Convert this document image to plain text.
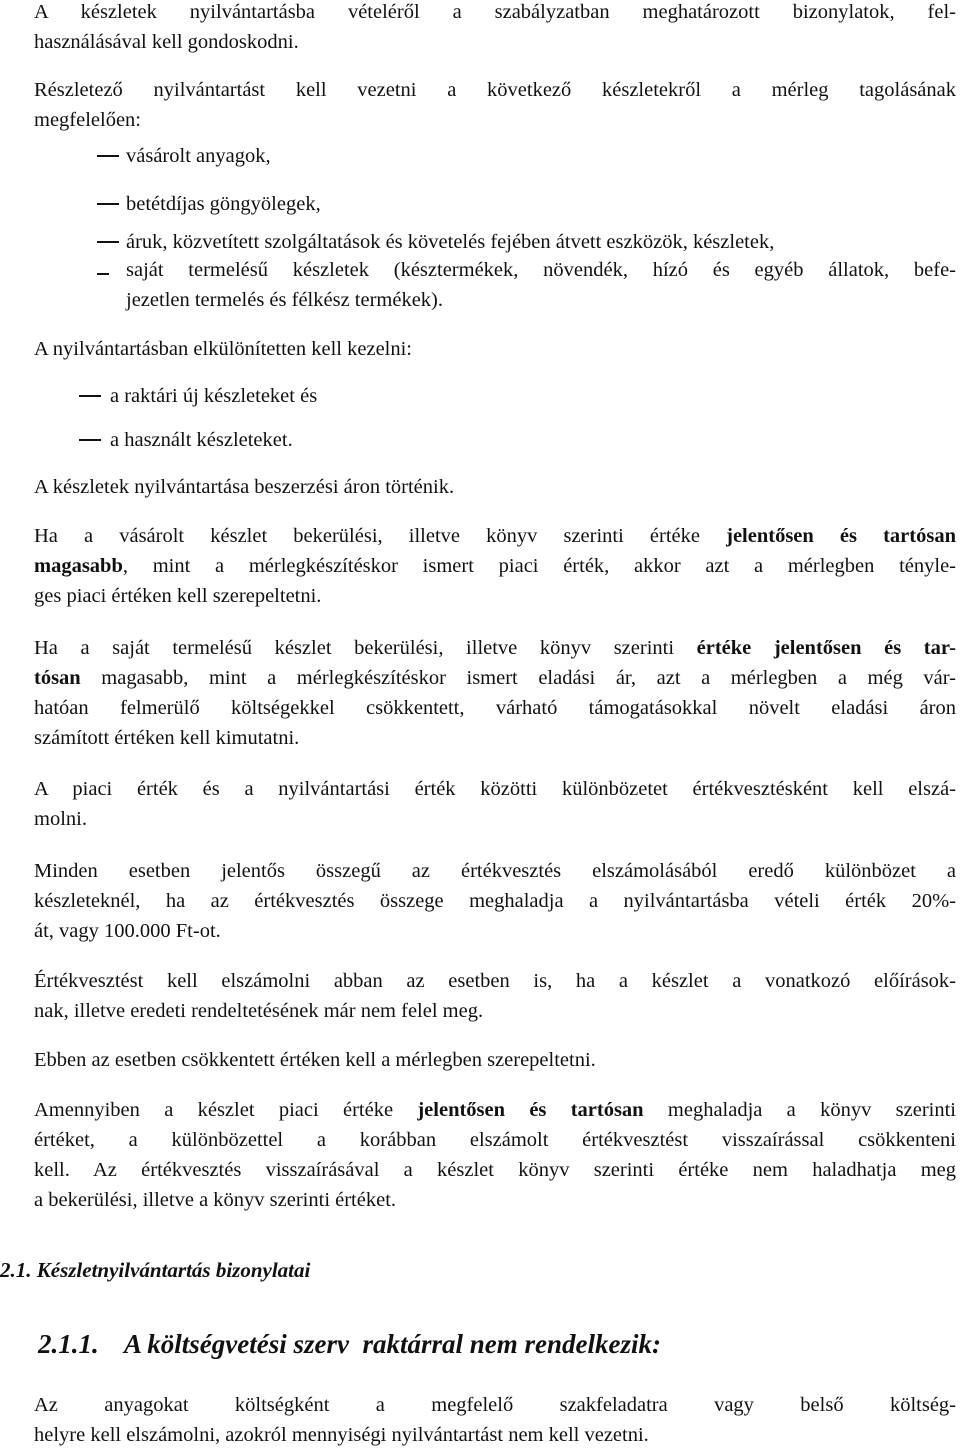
A készletek nyilvántartásba vételéről a szabályzatban meghatározott bizonylatok, fel-
használásával kell gondoskodni.
Részletező nyilvántartást kell vezetni a következő készletekről a mérleg tagolásának
megfelelően:
vásárolt anyagok,
betétdíjas göngyölegek,
áruk, közvetített szolgáltatások és követelés fejében átvett eszközök, készletek,
saját termelésű készletek (késztermékek, növendék, hízó és egyéb állatok, befe-
jezetlen termelés és félkész termékek).
A nyilvántartásban elkülönítetten kell kezelni:
a raktári új készleteket és
a használt készleteket.
A készletek nyilvántartása beszerzési áron történik.
Ha a vásárolt készlet bekerülési, illetve könyv szerinti értéke jelentősen és tartósan
magasabb, mint a mérlegkészítéskor ismert piaci érték, akkor azt a mérlegben tényle-
ges piaci értéken kell szerepeltetni.
Ha a saját termelésű készlet bekerülési, illetve könyv szerinti értéke jelentősen és tar-
tósan magasabb, mint a mérlegkészítéskor ismert eladási ár, azt a mérlegben a még vár-
hatóan felmerülő költségekkel csökkentett, várható támogatásokkal növelt eladási áron
számított értéken kell kimutatni.
A piaci érték és a nyilvántartási érték közötti különbözetet értékvesztésként kell elszá-
molni.
Minden esetben jelentős összegű az értékvesztés elszámolásából eredő különbözet a
készleteknél, ha az értékvesztés összege meghaladja a nyilvántartásba vételi érték 20%-
át, vagy 100.000 Ft-ot.
Értékvesztést kell elszámolni abban az esetben is, ha a készlet a vonatkozó előírások-
nak, illetve eredeti rendeltetésének már nem felel meg.
Ebben az esetben csökkentett értéken kell a mérlegben szerepeltetni.
Amennyiben a készlet piaci értéke jelentősen és tartósan meghaladja a könyv szerinti
értéket, a különbözettel a korábban elszámolt értékvesztést visszaírással csökkenteni
kell. Az értékvesztés visszaírásával a készlet könyv szerinti értéke nem haladhatja meg
a bekerülési, illetve a könyv szerinti értéket.
2.1. Készletnyilvántartás bizonylatai
2.1.1. A költségvetési szerv  raktárral nem rendelkezik:
Az anyagokat költségként a megfelelő szakfeladatra vagy belső költség-
helyre kell elszámolni, azokról mennyiségi nyilvántartást nem kell vezetni.
